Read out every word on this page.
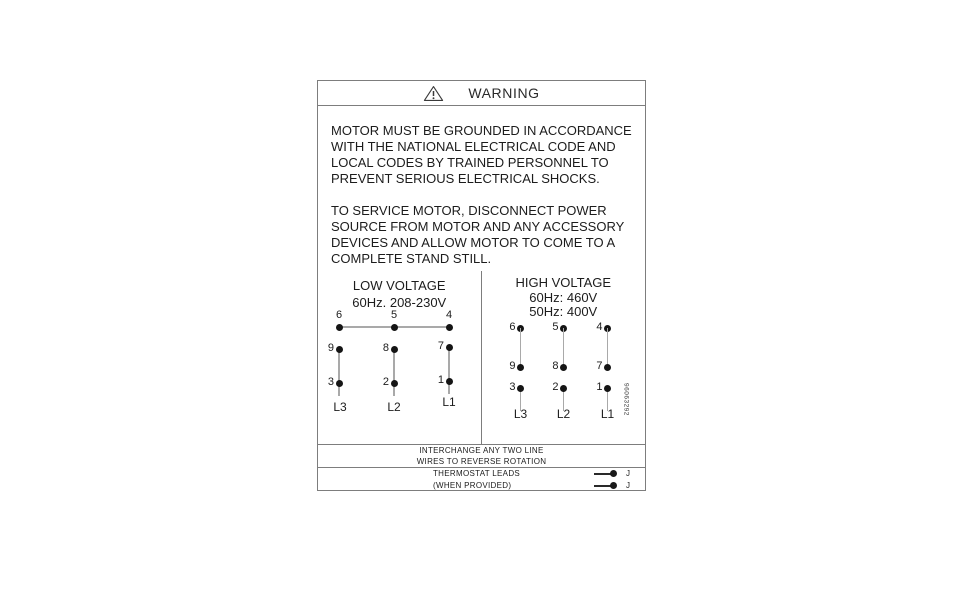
WARNING
MOTOR MUST BE GROUNDED IN ACCORDANCE
WITH THE NATIONAL ELECTRICAL CODE AND
LOCAL CODES BY TRAINED PERSONNEL TO
PREVENT SERIOUS ELECTRICAL SHOCKS.
TO SERVICE MOTOR, DISCONNECT POWER
SOURCE FROM MOTOR AND ANY ACCESSORY
DEVICES AND ALLOW MOTOR TO COME TO A
COMPLETE STAND STILL.
LOW VOLTAGE
60Hz. 208-230V
6	5	4
9	8	7
3	2	1
L3	L2	L1
HIGH VOLTAGE
60Hz: 460V
50Hz: 400V
6	5	4
9	8	7
3	2	1
L3	L2	L1	96063292
INTERCHANGE ANY TWO LINE
WIRES TO REVERSE ROTATION
THERMOSTAT LEADS	J
(WHEN PROVIDED)	J
